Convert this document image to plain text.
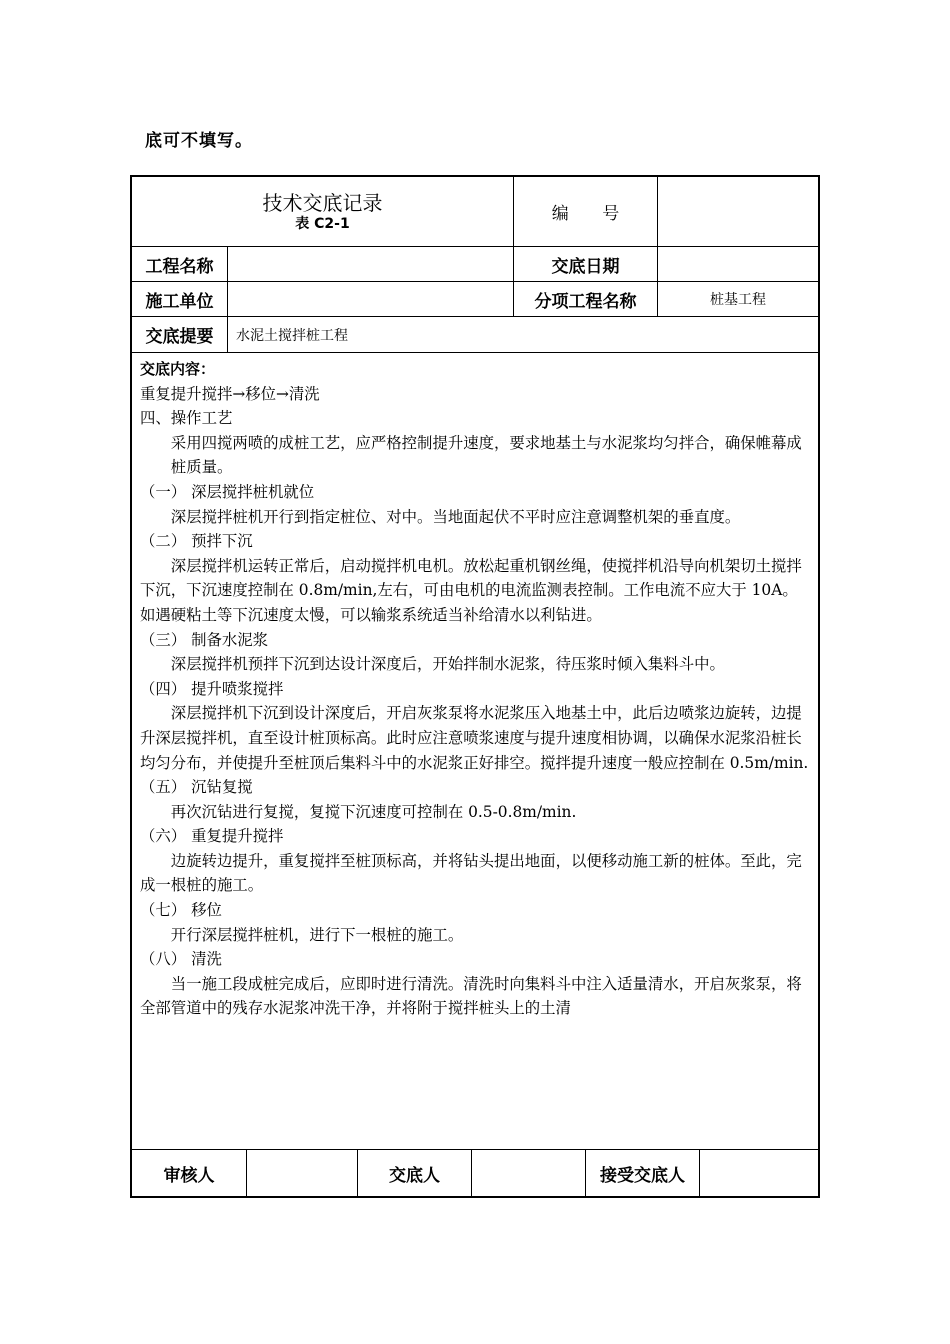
底可不填写。
技术交底记录
表 C2-1	编 号
工程名称	交底日期
施工单位	分项工程名称	桩基工程
交底提要	水泥土搅拌桩工程
交底内容：
重复提升搅拌→移位→清洗
四、操作工艺
采用四搅两喷的成桩工艺，应严格控制提升速度，要求地基土与水泥浆均匀拌合，确保帷幕成桩质量。
（一） 深层搅拌桩机就位
深层搅拌桩机开行到指定桩位、对中。当地面起伏不平时应注意调整机架的垂直度。
（二） 预拌下沉
深层搅拌机运转正常后，启动搅拌机电机。放松起重机钢丝绳，使搅拌机沿导向机架切土搅拌下沉，下沉速度控制在 0.8m/min,左右，可由电机的电流监测表控制。工作电流不应大于 10A。如遇硬粘土等下沉速度太慢，可以输浆系统适当补给清水以利钻进。
（三） 制备水泥浆
深层搅拌机预拌下沉到达设计深度后，开始拌制水泥浆，待压浆时倾入集料斗中。
（四） 提升喷浆搅拌
深层搅拌机下沉到设计深度后，开启灰浆泵将水泥浆压入地基土中，此后边喷浆边旋转，边提升深层搅拌机，直至设计桩顶标高。此时应注意喷浆速度与提升速度相协调，以确保水泥浆沿桩长均匀分布，并使提升至桩顶后集料斗中的水泥浆正好排空。搅拌提升速度一般应控制在 0.5m/min.
（五） 沉钻复搅
再次沉钻进行复搅，复搅下沉速度可控制在 0.5-0.8m/min.
（六） 重复提升搅拌
边旋转边提升，重复搅拌至桩顶标高，并将钻头提出地面，以便移动施工新的桩体。至此，完成一根桩的施工。
（七） 移位
开行深层搅拌桩机，进行下一根桩的施工。
（八） 清洗
当一施工段成桩完成后，应即时进行清洗。清洗时向集料斗中注入适量清水，开启灰浆泵，将全部管道中的残存水泥浆冲洗干净，并将附于搅拌桩头上的土清
审核人	交底人	接受交底人
